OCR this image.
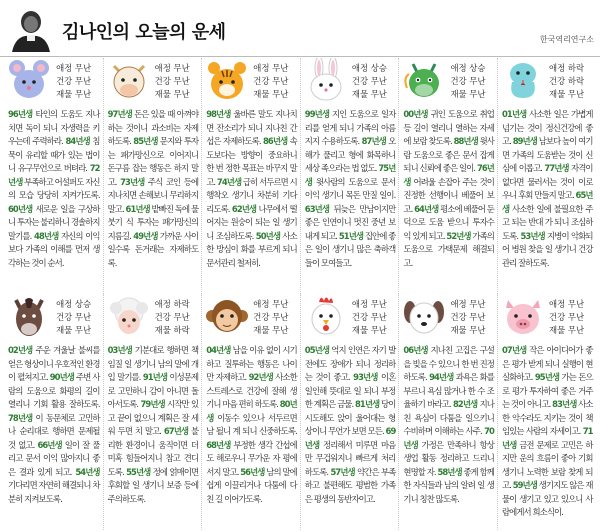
김나인의 오늘의 운세	한국역리연구소
애정 무난
건강 무난
재물 무난
96년생 타인의 도움도 지나치면 독이 되니 자생력을 키우는데 주력하라. 84년생 침묵이 유리할 때가 있는 법이니 유구무언으로 버텨라. 72년생 부족하고 어설퍼도 자신의 모습 당당히 지켜가도록. 60년생 새로운 일을 구상하니 투자는 불리하니 경솔하지 말기를. 48년생 자신의 이익보다 가족의 이해를 먼저 생각하는 것이 순서.
애정 무난
건강 무난
재물 무난
97년생 돈은 있을 때 아껴야 하는 것이니 과소비는 자제하도록. 85년생 문지와 투자는 패가망신으로 이어지니 돈구름 잡는 행동은 하지 말고. 73년생 주식 코인 등에 지나치면 손해보니 무리하지 말고. 61년생 밭빠진 독에 물붓기 식 투자는 패가망신의 지름길. 49년생 가까운 사이일수록 돈거래는 자제하도록.
애정 무난
건강 무난
재물 무난
98년생 울바른 말도 지나치면 잔소리가 되니 지나친 간섭은 자제하도록. 86년생 속도보다는 방향이 중요하니 한 번 정한 목표는 바꾸지 말고. 74년생 급히 서두르면 시행착오 생기니 차분히 기다리도록. 62년생 나무에서 떨어지는 원숭이 되는 일 생기니 조심하도록. 50년생 사소한 방심이 화를 부르게 되니 문서관리 철저히.
애정 상승
건강 무난
재물 무난
99년생 지인 도움으로 일자리를 얻게 되니 가족의 아름 지지 수용하도록. 87년생 오해가 풀리고 형에 화목하니 세상 족으라는 법 없도. 75년생 윗사람의 도움으로 문서이익 생기니 목돈 만질 일이. 63년생 뒤늦은 만남이지만 좋은 인연이니 멋진 중년 보내게 되고. 51년생 집안에 좋은 일이 생기니 많은 축하객들이 모여들고.
애정 상승
건강 무난
재물 무난
00년생 귀인 도움으로 취업 등 길이 열리니 열하는 자세에 보람 찾도록. 88년생 윗사람 도움으로 좋은 문서 잡게 되니 신뢰에 좋은 일이. 76년생 어려울 손잡아 주는 것이 진정한 선행이니 베풀어 보고. 64년생 평소에 베풀어 둔 덕으로 도움 받으니 투자수익 있게 되고. 52년생 가족의 도움으로 가택문제 해결되고.
애정 하락
건강 하락
재물 무난
01년생 사소한 일은 가볍게 넘기는 것이 정신건강에 좋고. 89년생 남보다 높이 여기면 가족의 도움받는 것이 신심에 이롭고. 77년생 자격이 없다면 물러서는 것이 이로우니 후회 만들지 말고. 65년생 사소한 일에 불필요한 주고 되는 반대 가 되니 조심하도록. 53년생 지병이 악화되어 병원 찾을 일 생기니 건강관리 잘하도록.
애정 상승
건강 무난
재물 무난
02년생 주운 겨울날 불씨를 얻은 형상이니 우호적인 환경이 펼쳐지고. 90년생 주변 사람의 도움으로 화평의 길이 열리니 기회 활용 잘하도록. 78년생 이 동문체로 고민하나 순리대로 행하면 문제될 것 없고. 66년생 일이 잘 풀리고 문서 이익 많아지니 좋은 결과 있게 되고. 54년생 기다리면 자연히 해결되니 차분히 지켜보도록.
애정 하락
건강 무난
재물 하락
03년생 기분대로 행하면 책임질 일 생기니 남의 말에 개입 말기를. 91년생 이성문제로 고민하니 감이 아니면 돌아서도록. 79년생 시작만 있고 끝이 없으니 계획은 잘 세워 두면 치 말고. 67년생 불리한 환경이니 움직이면 더 미혹 힘들어지니 참고 견디도록. 55년생 정에 얽매이면 후회할 일 생기니 보증 등에 주의하도록.
애정 무난
건강 무난
재물 무난
04년생 남을 이유 없이 시기하고 질투하는 행동은 나이만 자제하고. 92년생 사소한 스트레스로 건강에 잘해 생기니 마음 편히 하도록. 80년생 이동수 있으나 서두르면 남 될니 계 되니 신중하도록. 68년생 부정한 생각 간섭에도 해로우니 무가운 자 평에 서지 말고. 56년생 남의 말에 쉽게 이끌리거나 다툼에 다친 길 이어가도록.
애정 무난
건강 무난
재물 무난
05년생 억지 인연은 자기 발전에도 장애가 되니 정리하는 것이 좋고. 93년생 이혼 일인해 뜻대로 일 되니 부정한 계획은 금물. 81년생 당이 시도해도 앉이 울어대는 형상이니 무언가 보면 모든. 69년생 정리해서 미루면 마음만 무겁워지니 빠르게 처리하도록. 57년생 약간은 부족하고 불편해도 평범한 가족은 평생의 동반자이고.
애정 무난
건강 무난
재물 무난
06년생 지나친 고집은 구설을 빚을 수 있으니 한 번 진정하도록. 94년생 과욕은 화를 부르니 욕심 많거나 한 수 조율하기 바라고. 82년생 지나친 욕심이 다툼을 일으키니 수비하며 이해하는 사주. 70년생 가정은 만족하니 항상 생업 활동 정리하고 드리니 현명할 자. 58년생 좋게 함께한 자식들과 남의 알려 일 생기니 칭찬 많도록.
애정 무난
건강 무난
재물 무난
07년생 작은 아이디어가 좋은 평가 받게 되니 실행이 현실화하고. 95년생 가는 돈으로 평가 투자하여 좋은 거주는 것이 아니고. 83년생 사소한 악수라도 지키는 것이 책임있는 사람의 자세이고. 71년생 금전 문제로 고민은 하지만 운의 흐름이 좋아 기회 생기니 노력한 보람 찾게 되고. 59년생 생기지도 않은 재물이 생기고 있고 있으니 사람에게서 희소식이.
